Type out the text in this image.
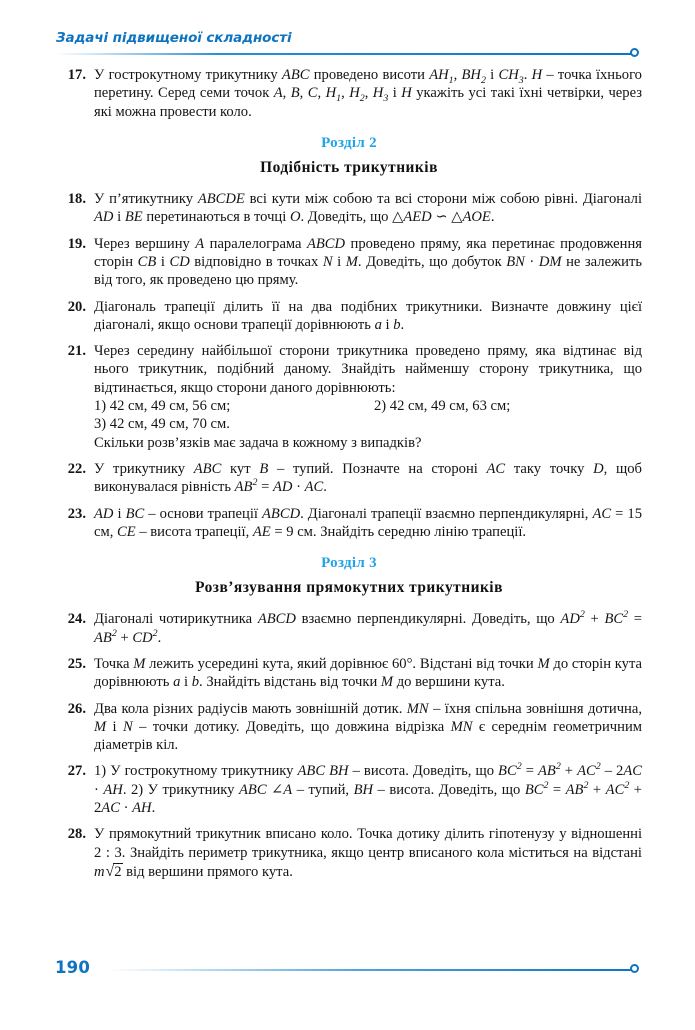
Задачі підвищеної складності
17. У гострокутному трикутнику ABC проведено висоти $AH_1$, $BH_2$ і $CH_3$. H – точка їхнього перетину. Серед семи точок A, B, C, $H_1$, $H_2$, $H_3$ і H укажіть усі такі їхні четвірки, через які можна провести коло.

Розділ 2
Подібність трикутників
18. У п’ятикутнику ABCDE всі кути між собою та всі сторони між собою рівні. Діагоналі AD і BE перетинаються в точці O. Доведіть, що △AED ∽ △AOE.

19. Через вершину A паралелограма ABCD проведено пряму, яка перетинає продовження сторін CB і CD відповідно в точках N і M. Доведіть, що добуток BN · DM не залежить від того, як проведено цю пряму.

20. Діагональ трапеції ділить її на два подібних трикутники. Визначте довжину цієї діагоналі, якщо основи трапеції дорівнюють a і b.

21. Через середину найбільшої сторони трикутника проведено пряму, яка відтинає від нього трикутник, подібний даному. Знайдіть найменшу сторону трикутника, що відтинається, якщо сторони даного дорівнюють:

1) 42 см, 49 см, 56 см;	2) 42 см, 49 см, 63 см;
3) 42 см, 49 см, 70 см.
Скільки розв’язків має задача в кожному з випадків?
22. У трикутнику ABC кут B – тупий. Позначте на стороні AC таку точку D, щоб виконувалася рівність $AB^2$ = AD · AC.

23. AD і BC – основи трапеції ABCD. Діагоналі трапеції взаємно перпендикулярні, AC = 15 см, CE – висота трапеції, AE = 9 см. Знайдіть середню лінію трапеції.

Розділ 3
Розв’язування прямокутних трикутників
24. Діагоналі чотирикутника ABCD взаємно перпендикулярні. Доведіть, що $AD^2 + BC^2 = AB^2 + CD^2$.

25. Точка M лежить усередині кута, який дорівнює 60°. Відстані від точки M до сторін кута дорівнюють a і b. Знайдіть відстань від точки M до вершини кута.

26. Два кола різних радіусів мають зовнішній дотик. MN – їхня спільна зовнішня дотична, M і N – точки дотику. Доведіть, що довжина відрізка MN є середнім геометричним діаметрів кіл.

27. 1) У гострокутному трикутнику ABC BH – висота. Доведіть, що $BC^2 = AB^2 + AC^2 - 2AC$ · AH. 2) У трикутнику ABC ∠A – тупий, BH – висота. Доведіть, що $BC^2 = AB^2 + AC^2 + 2AC$ · AH.

28. У прямокутний трикутник вписано коло. Точка дотику ділить гіпотенузу у відношенні 2 : 3. Знайдіть периметр трикутника, якщо центр вписаного кола міститься на відстані m√2 від вершини прямого кута.

190
